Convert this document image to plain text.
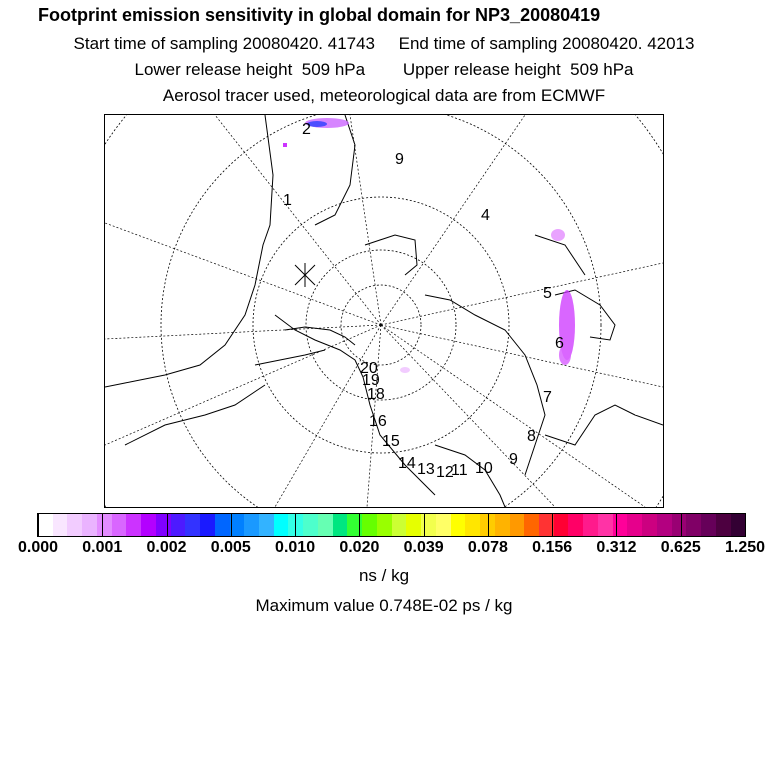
Footprint emission sensitivity in global domain for NP3_20080419
Start time of sampling 20080420. 41743 End time of sampling 20080420. 42013
Lower release height  509 hPa Upper release height  509 hPa
Aerosol tracer used, meteorological data are from ECMWF
2
9
1
4
5
6
7
8
9
10
11
12
13
14
15
16
18
19
20
0.000 0.001 0.002 0.005 0.010 0.020 0.039 0.078 0.156 0.312 0.625 1.250
ns / kg
Maximum value 0.748E-02 ps / kg
